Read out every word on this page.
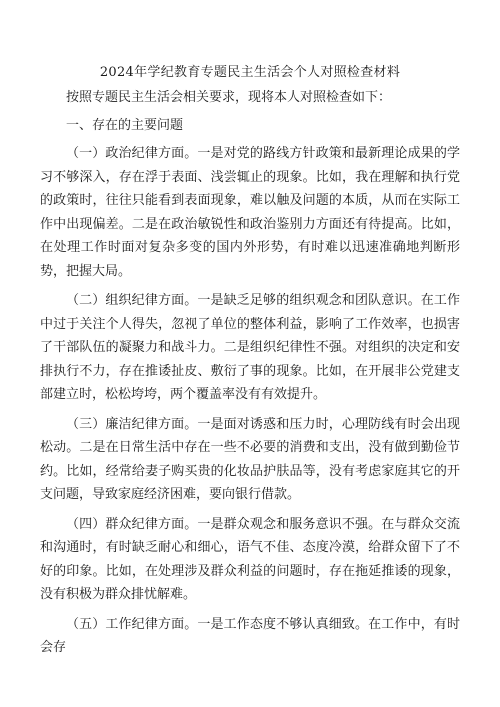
2024年学纪教育专题民主生活会个人对照检查材料

按照专题民主生活会相关要求，现将本人对照检查如下：

一、存在的主要问题

（一）政治纪律方面。一是对党的路线方针政策和最新理论成果的学习不够深入，存在浮于表面、浅尝辄止的现象。比如，我在理解和执行党的政策时，往往只能看到表面现象，难以触及问题的本质，从而在实际工作中出现偏差。二是在政治敏锐性和政治鉴别力方面还有待提高。比如，在处理工作时面对复杂多变的国内外形势，有时难以迅速准确地判断形势，把握大局。

（二）组织纪律方面。一是缺乏足够的组织观念和团队意识。在工作中过于关注个人得失，忽视了单位的整体利益，影响了工作效率，也损害了干部队伍的凝聚力和战斗力。二是组织纪律性不强。对组织的决定和安排执行不力，存在推诿扯皮、敷衍了事的现象。比如，在开展非公党建支部建立时，松松垮垮，两个覆盖率没有有效提升。

（三）廉洁纪律方面。一是面对诱惑和压力时，心理防线有时会出现松动。二是在日常生活中存在一些不必要的消费和支出，没有做到勤俭节约。比如，经常给妻子购买贵的化妆品护肤品等，没有考虑家庭其它的开支问题，导致家庭经济困难，要向银行借款。

（四）群众纪律方面。一是群众观念和服务意识不强。在与群众交流和沟通时，有时缺乏耐心和细心，语气不佳、态度冷漠，给群众留下了不好的印象。比如，在处理涉及群众利益的问题时，存在拖延推诿的现象，没有积极为群众排忧解难。

（五）工作纪律方面。一是工作态度不够认真细致。在工作中，有时会存
